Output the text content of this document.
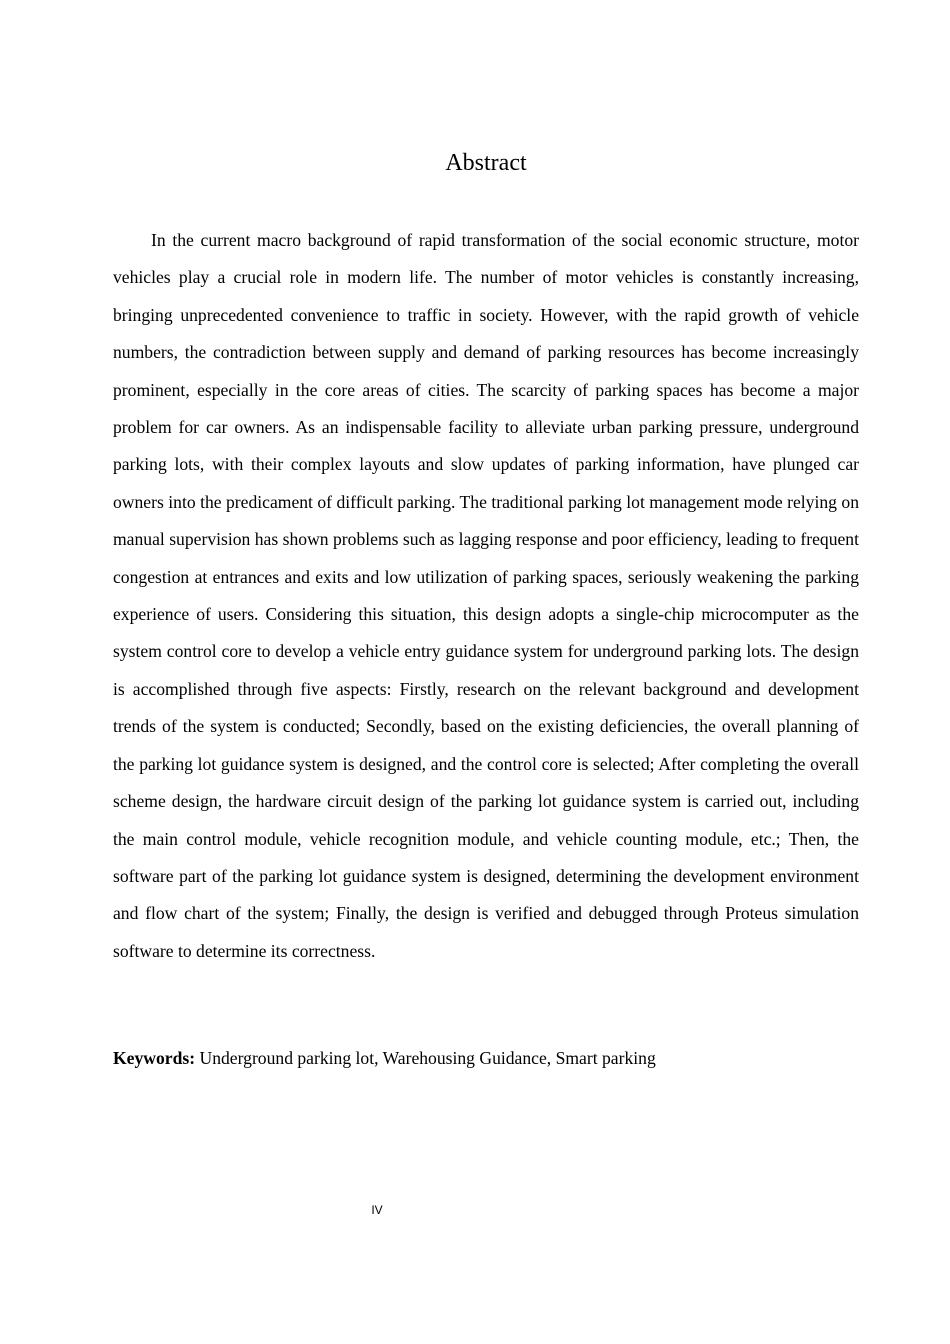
Abstract

In the current macro background of rapid transformation of the social economic structure, motor vehicles play a crucial role in modern life. The number of motor vehicles is constantly increasing, bringing unprecedented convenience to traffic in society. However, with the rapid growth of vehicle numbers, the contradiction between supply and demand of parking resources has become increasingly prominent, especially in the core areas of cities. The scarcity of parking spaces has become a major problem for car owners. As an indispensable facility to alleviate urban parking pressure, underground parking lots, with their complex layouts and slow updates of parking information, have plunged car owners into the predicament of difficult parking. The traditional parking lot management mode relying on manual supervision has shown problems such as lagging response and poor efficiency, leading to frequent congestion at entrances and exits and low utilization of parking spaces, seriously weakening the parking experience of users. Considering this situation, this design adopts a single-chip microcomputer as the system control core to develop a vehicle entry guidance system for underground parking lots. The design is accomplished through five aspects: Firstly, research on the relevant background and development trends of the system is conducted; Secondly, based on the existing deficiencies, the overall planning of the parking lot guidance system is designed, and the control core is selected; After completing the overall scheme design, the hardware circuit design of the parking lot guidance system is carried out, including the main control module, vehicle recognition module, and vehicle counting module, etc.; Then, the software part of the parking lot guidance system is designed, determining the development environment and flow chart of the system; Finally, the design is verified and debugged through Proteus simulation software to determine its correctness.

Keywords: Underground parking lot, Warehousing Guidance, Smart parking

IV
